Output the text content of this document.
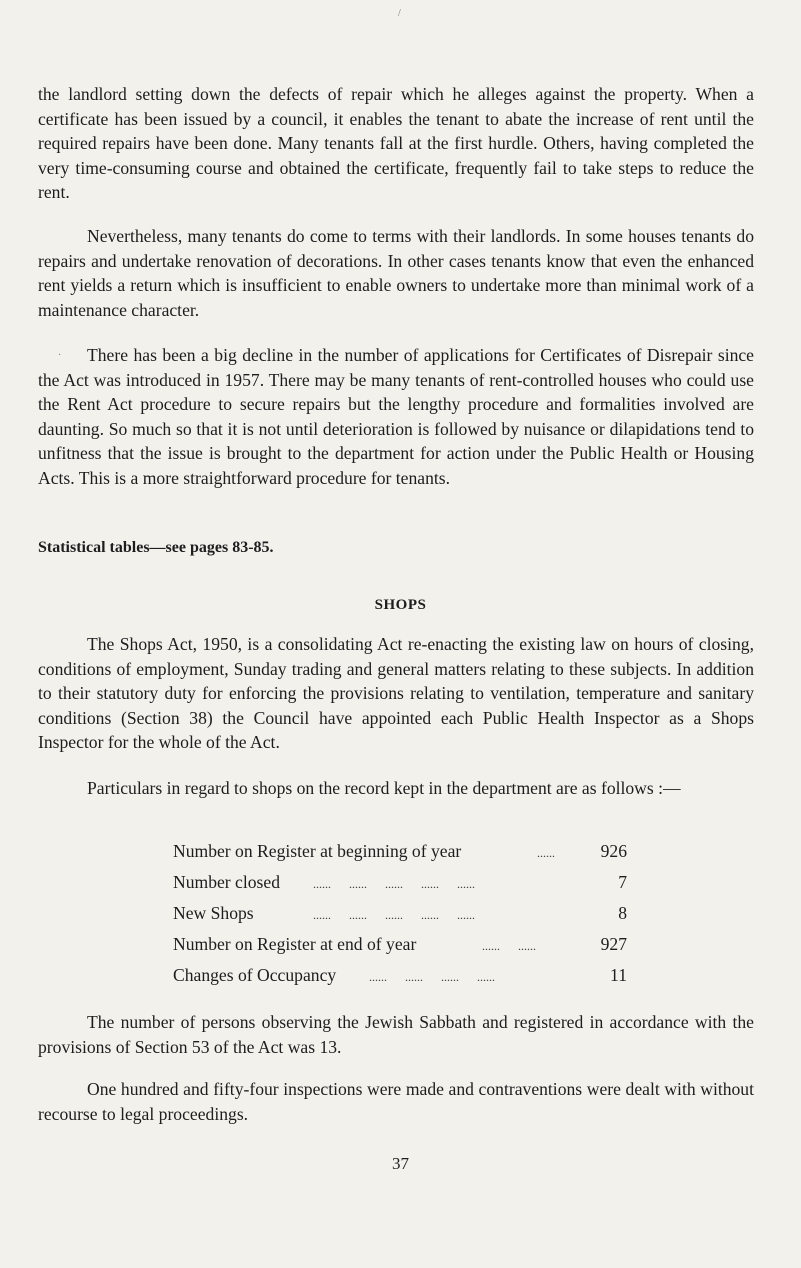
/

the landlord setting down the defects of repair which he alleges against the property. When a certificate has been issued by a council, it enables the tenant to abate the increase of rent until the required repairs have been done. Many tenants fall at the first hurdle. Others, having completed the very time-consuming course and obtained the certificate, frequently fail to take steps to reduce the rent.

Nevertheless, many tenants do come to terms with their landlords. In some houses tenants do repairs and undertake renovation of decorations. In other cases tenants know that even the enhanced rent yields a return which is insufficient to enable owners to undertake more than minimal work of a maintenance character.

·	There has been a big decline in the number of applications for Certificates of Disrepair since the Act was introduced in 1957. There may be many tenants of rent-controlled houses who could use the Rent Act procedure to secure repairs but the lengthy procedure and formalities involved are daunting. So much so that it is not until deterioration is followed by nuisance or dilapidations tend to unfitness that the issue is brought to the department for action under the Public Health or Housing Acts. This is a more straightforward procedure for tenants.

Statistical tables—see pages 83-85.

SHOPS

The Shops Act, 1950, is a consolidating Act re-enacting the existing law on hours of closing, conditions of employment, Sunday trading and general matters relating to these subjects. In addition to their statutory duty for enforcing the provisions relating to ventilation, temperature and sanitary conditions (Section 38) the Council have appointed each Public Health Inspector as a Shops Inspector for the whole of the Act.

Particulars in regard to shops on the record kept in the department are as follows :—

Number on Register at beginning of year	......	926
Number closed	......      ......      ......      ......      ......	7
New Shops	......      ......      ......      ......      ......	8
Number on Register at end of year	......      ......	927
Changes of Occupancy	......      ......      ......      ......	11

The number of persons observing the Jewish Sabbath and registered in accordance with the provisions of Section 53 of the Act was 13.

One hundred and fifty-four inspections were made and contraventions were dealt with without recourse to legal proceedings.

37
